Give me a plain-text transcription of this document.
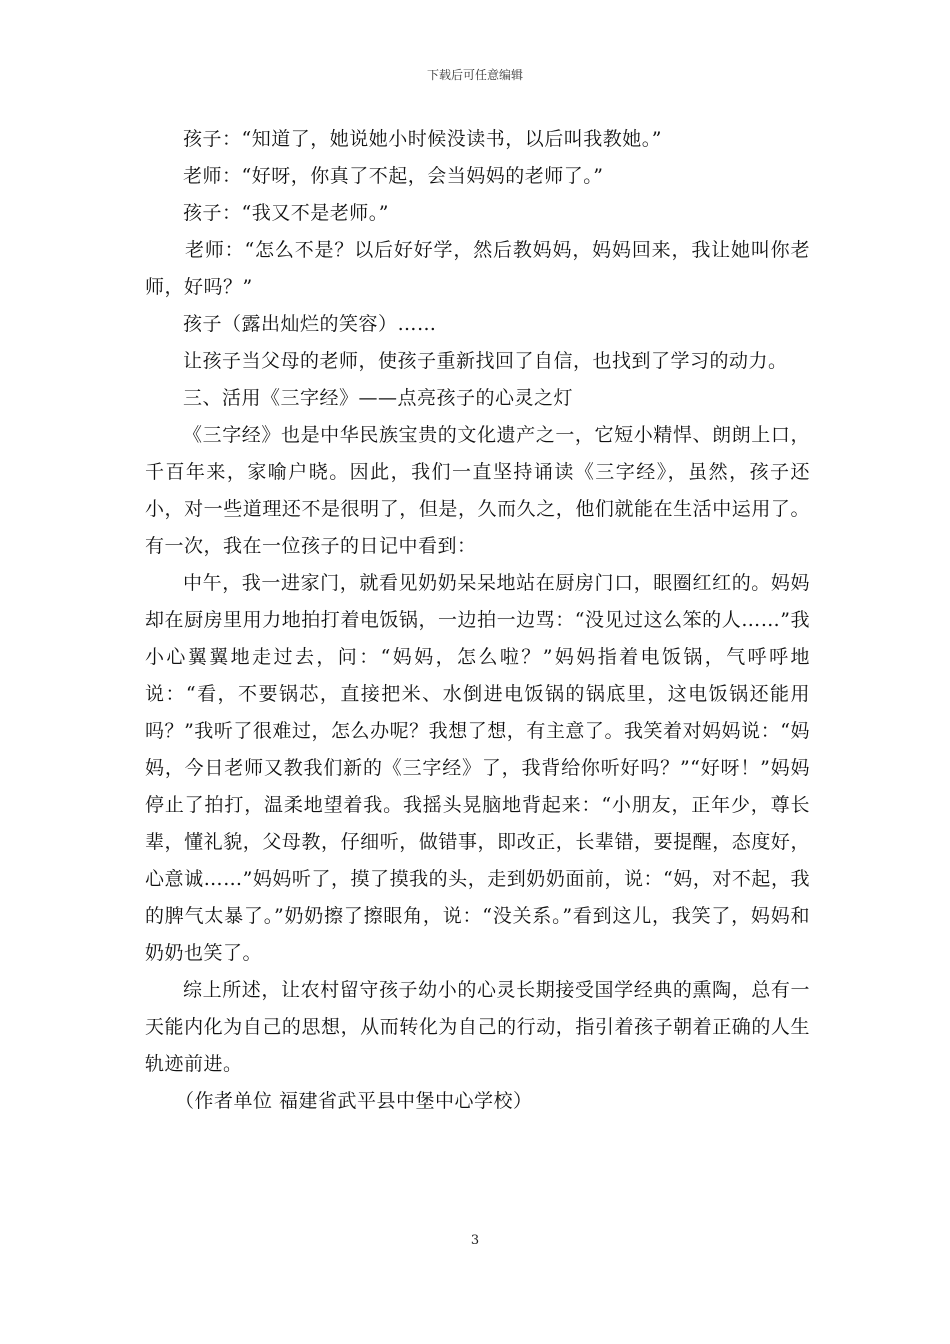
下载后可任意编辑

孩子：“知道了，她说她小时候没读书，以后叫我教她。”

老师：“好呀，你真了不起，会当妈妈的老师了。”

孩子：“我又不是老师。”

老师：“怎么不是？以后好好学，然后教妈妈，妈妈回来，我让她叫你老师，好吗？”

孩子（露出灿烂的笑容）……

让孩子当父母的老师，使孩子重新找回了自信，也找到了学习的动力。

三、活用《三字经》——点亮孩子的心灵之灯

《三字经》也是中华民族宝贵的文化遗产之一，它短小精悍、朗朗上口，千百年来，家喻户晓。因此，我们一直坚持诵读《三字经》，虽然，孩子还小，对一些道理还不是很明了，但是，久而久之，他们就能在生活中运用了。有一次，我在一位孩子的日记中看到：

中午，我一进家门，就看见奶奶呆呆地站在厨房门口，眼圈红红的。妈妈却在厨房里用力地拍打着电饭锅，一边拍一边骂：“没见过这么笨的人……”我小心翼翼地走过去，问：“妈妈，怎么啦？”妈妈指着电饭锅，气呼呼地说：“看，不要锅芯，直接把米、水倒进电饭锅的锅底里，这电饭锅还能用吗？”我听了很难过，怎么办呢？我想了想，有主意了。我笑着对妈妈说：“妈妈，今日老师又教我们新的《三字经》了，我背给你听好吗？”“好呀！”妈妈停止了拍打，温柔地望着我。我摇头晃脑地背起来：“小朋友，正年少，尊长辈，懂礼貌，父母教，仔细听，做错事，即改正，长辈错，要提醒，态度好，心意诚……”妈妈听了，摸了摸我的头，走到奶奶面前，说：“妈，对不起，我的脾气太暴了。”奶奶擦了擦眼角，说：“没关系。”看到这儿，我笑了，妈妈和奶奶也笑了。

综上所述，让农村留守孩子幼小的心灵长期接受国学经典的熏陶，总有一天能内化为自己的思想，从而转化为自己的行动，指引着孩子朝着正确的人生轨迹前进。

（作者单位 福建省武平县中堡中心学校）

3
